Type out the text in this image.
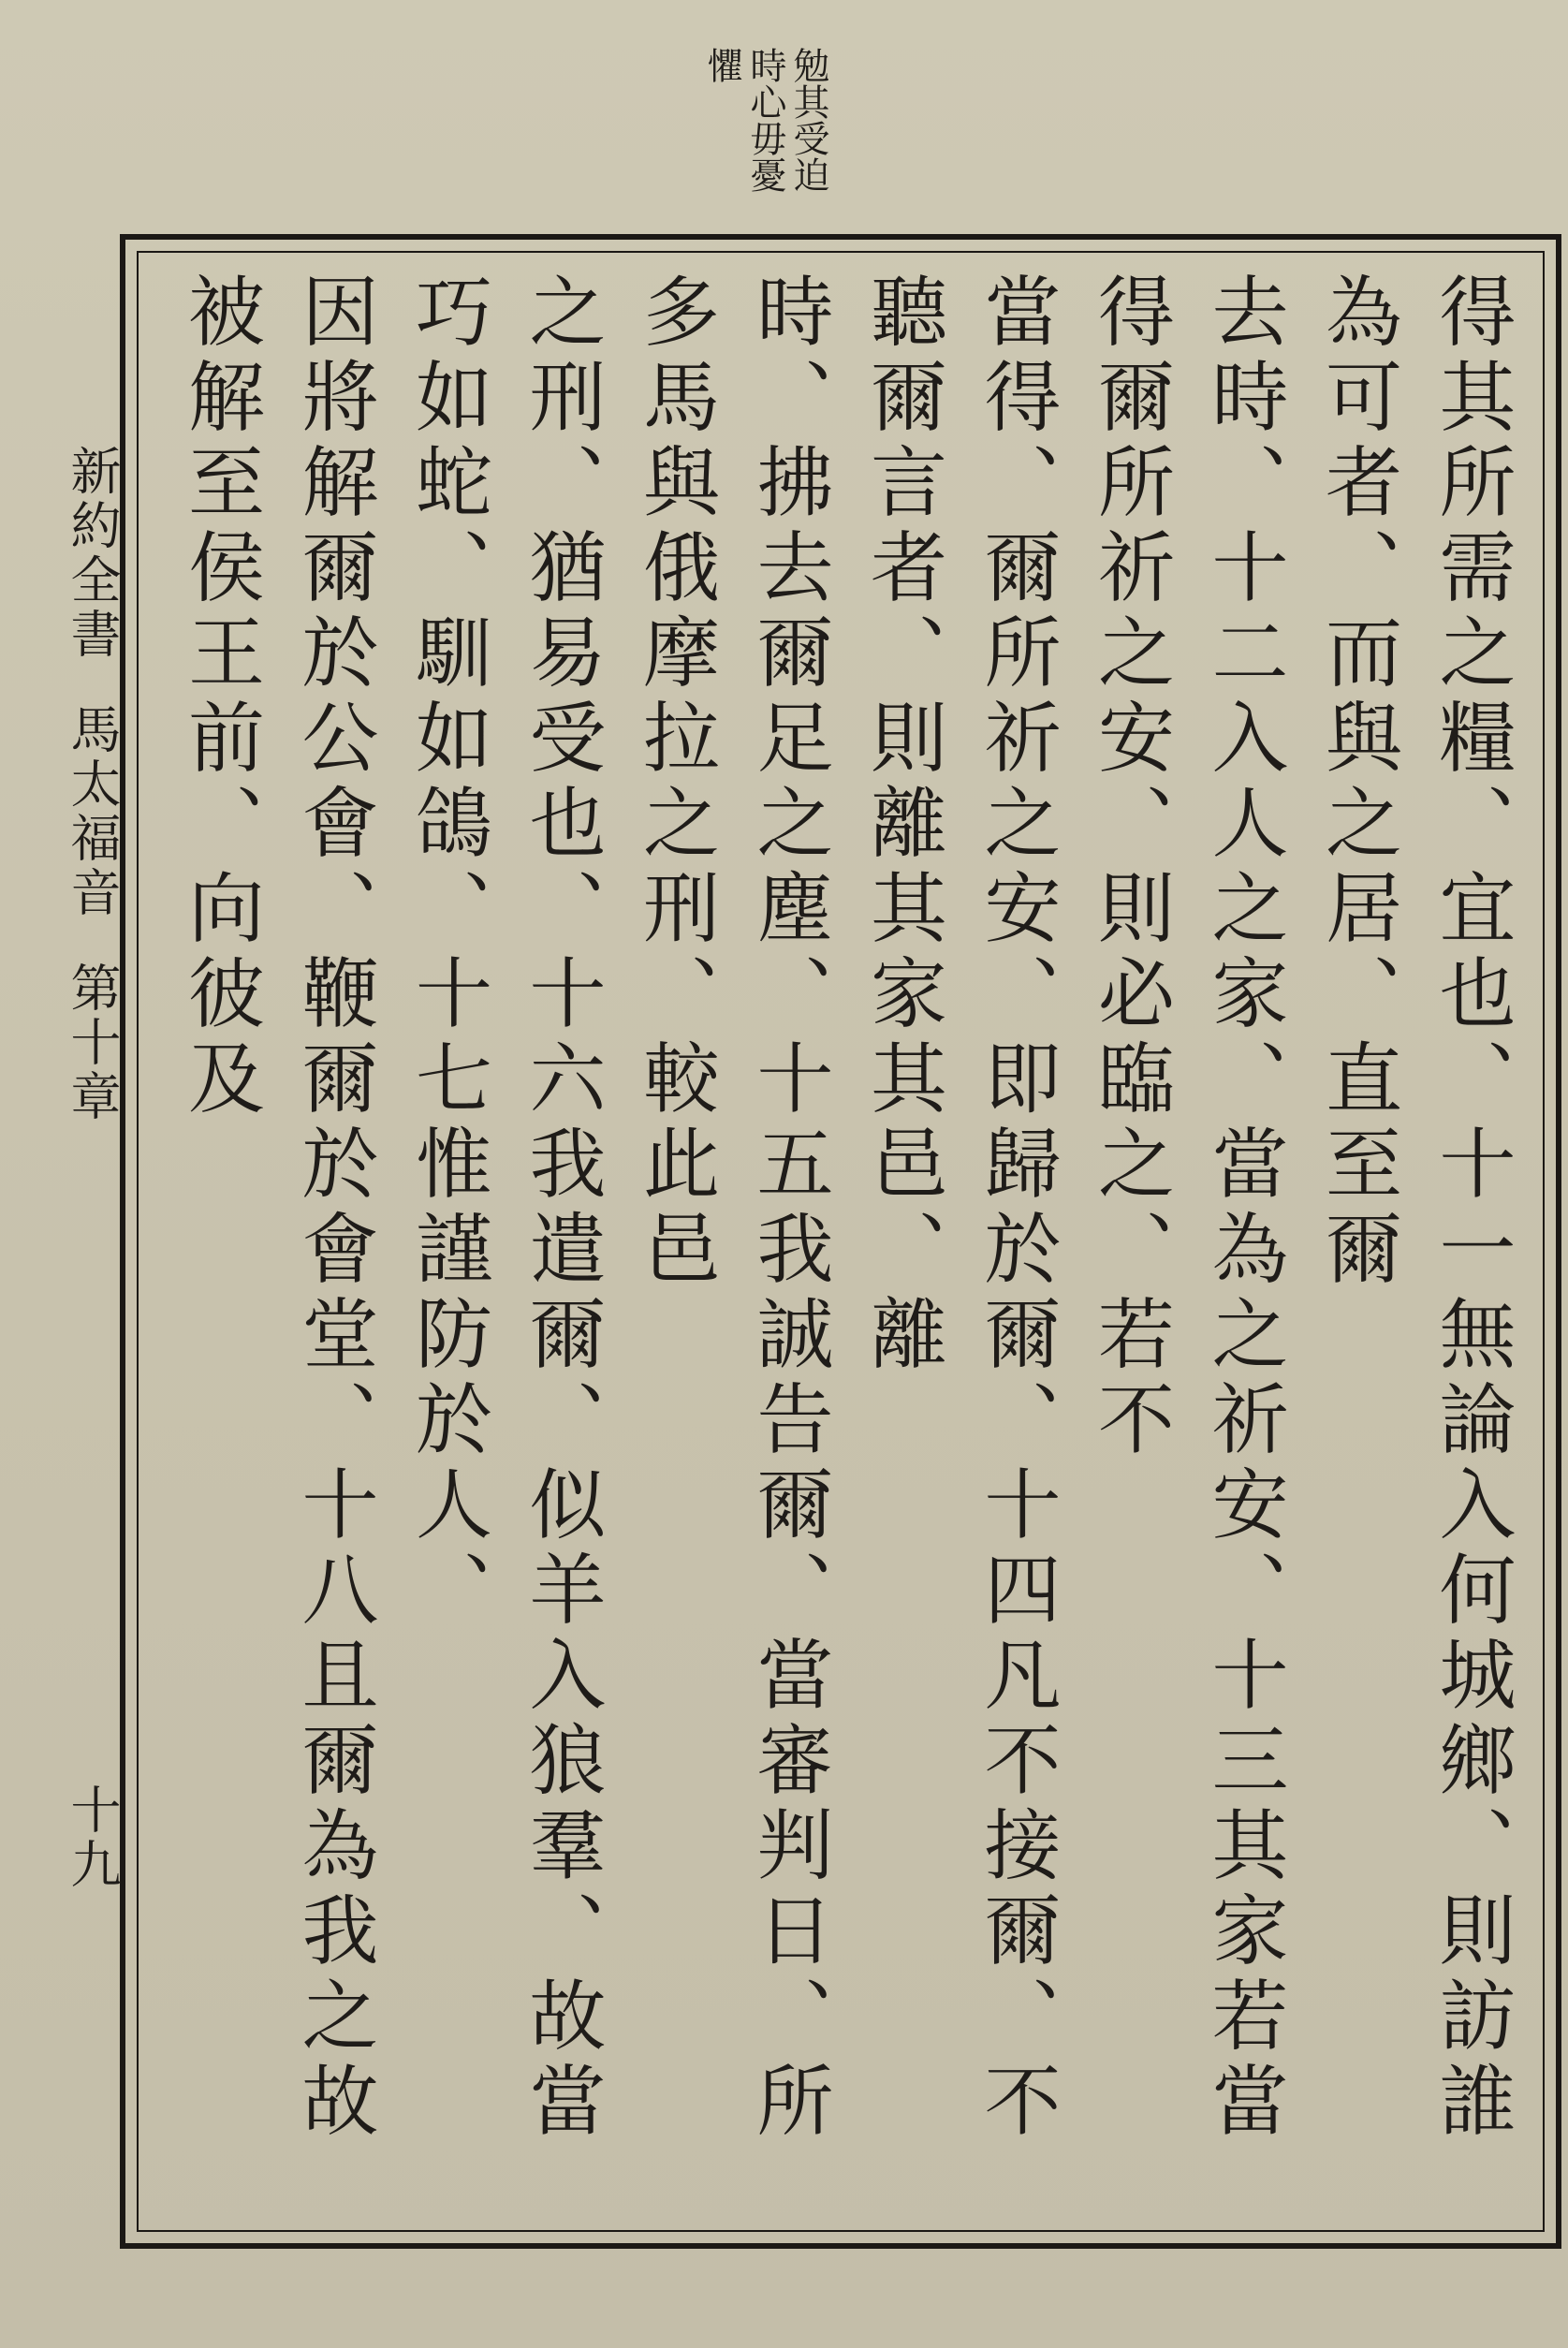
勉其受迫
時心毋憂
懼
得其所需之糧、宜也、十一無論入何城鄉、則訪誰為可者、而與之居、直至爾
去時、十二入人之家、當為之祈安、十三其家若當得爾所祈之安、則必臨之、若不
當得、爾所祈之安、即歸於爾、十四凡不接爾、不聽爾言者、則離其家其邑、離
時、拂去爾足之塵、十五我誠告爾、當審判日、所多馬與俄摩拉之刑、較此邑
之刑、猶易受也、十六我遣爾、似羊入狼羣、故當巧如蛇、馴如鴿、十七惟謹防於人、
因將解爾於公會、鞭爾於會堂、十八且爾為我之故被解至侯王前、向彼及
新約全書
馬太福音
第十章
十九
